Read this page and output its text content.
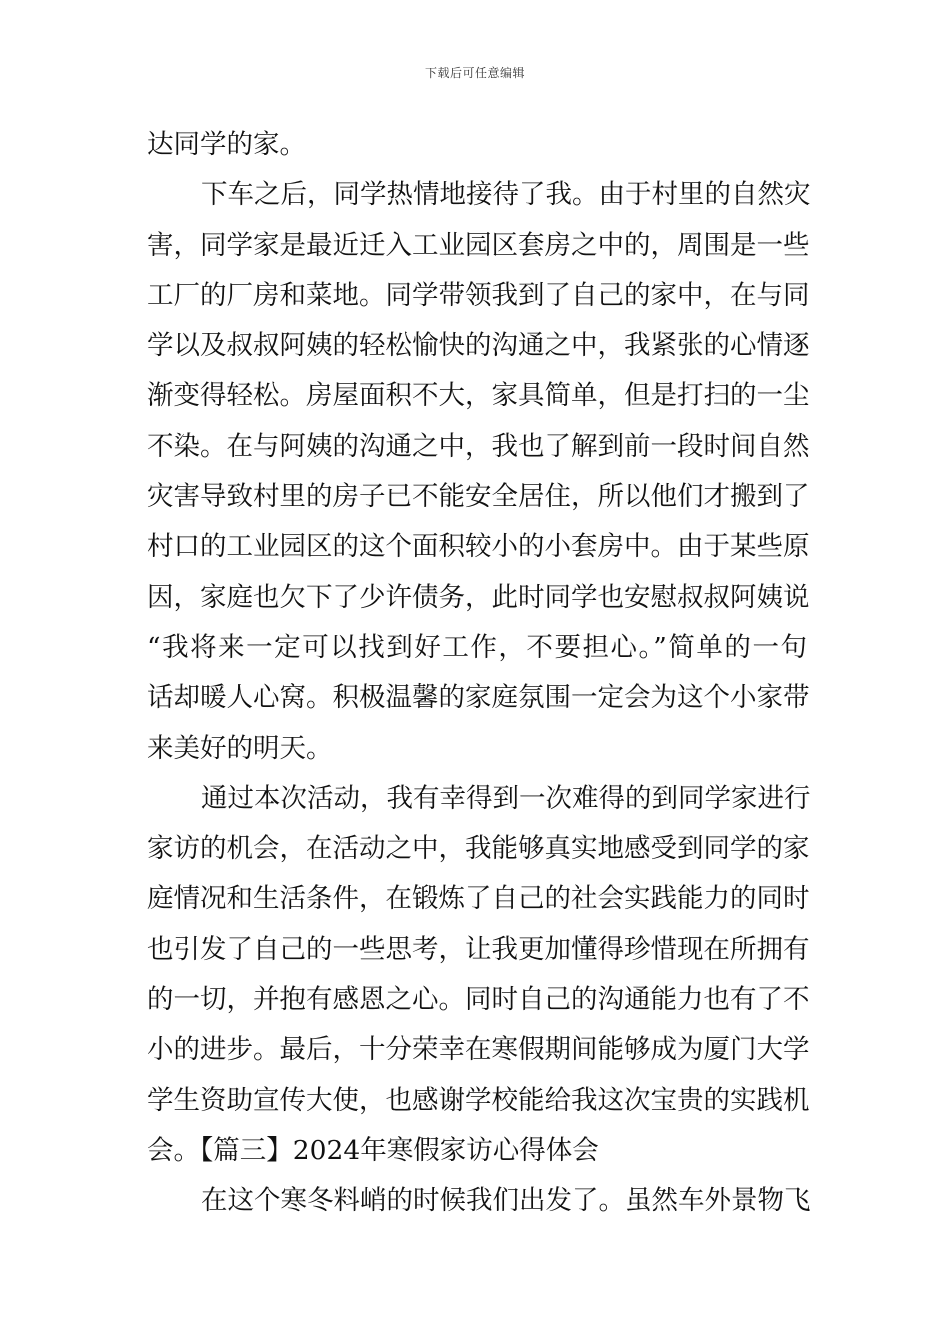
下载后可任意编辑
达同学的家。
下车之后，同学热情地接待了我。由于村里的自然灾
害，同学家是最近迁入工业园区套房之中的，周围是一些
工厂的厂房和菜地。同学带领我到了自己的家中，在与同
学以及叔叔阿姨的轻松愉快的沟通之中，我紧张的心情逐
渐变得轻松。房屋面积不大，家具简单，但是打扫的一尘
不染。在与阿姨的沟通之中，我也了解到前一段时间自然
灾害导致村里的房子已不能安全居住，所以他们才搬到了
村口的工业园区的这个面积较小的小套房中。由于某些原
因，家庭也欠下了少许债务，此时同学也安慰叔叔阿姨说
“我将来一定可以找到好工作，不要担心。”简单的一句
话却暖人心窝。积极温馨的家庭氛围一定会为这个小家带
来美好的明天。
通过本次活动，我有幸得到一次难得的到同学家进行
家访的机会，在活动之中，我能够真实地感受到同学的家
庭情况和生活条件，在锻炼了自己的社会实践能力的同时
也引发了自己的一些思考，让我更加懂得珍惜现在所拥有
的一切，并抱有感恩之心。同时自己的沟通能力也有了不
小的进步。最后，十分荣幸在寒假期间能够成为厦门大学
学生资助宣传大使，也感谢学校能给我这次宝贵的实践机
会。【篇三】2024年寒假家访心得体会
在这个寒冬料峭的时候我们出发了。虽然车外景物飞
